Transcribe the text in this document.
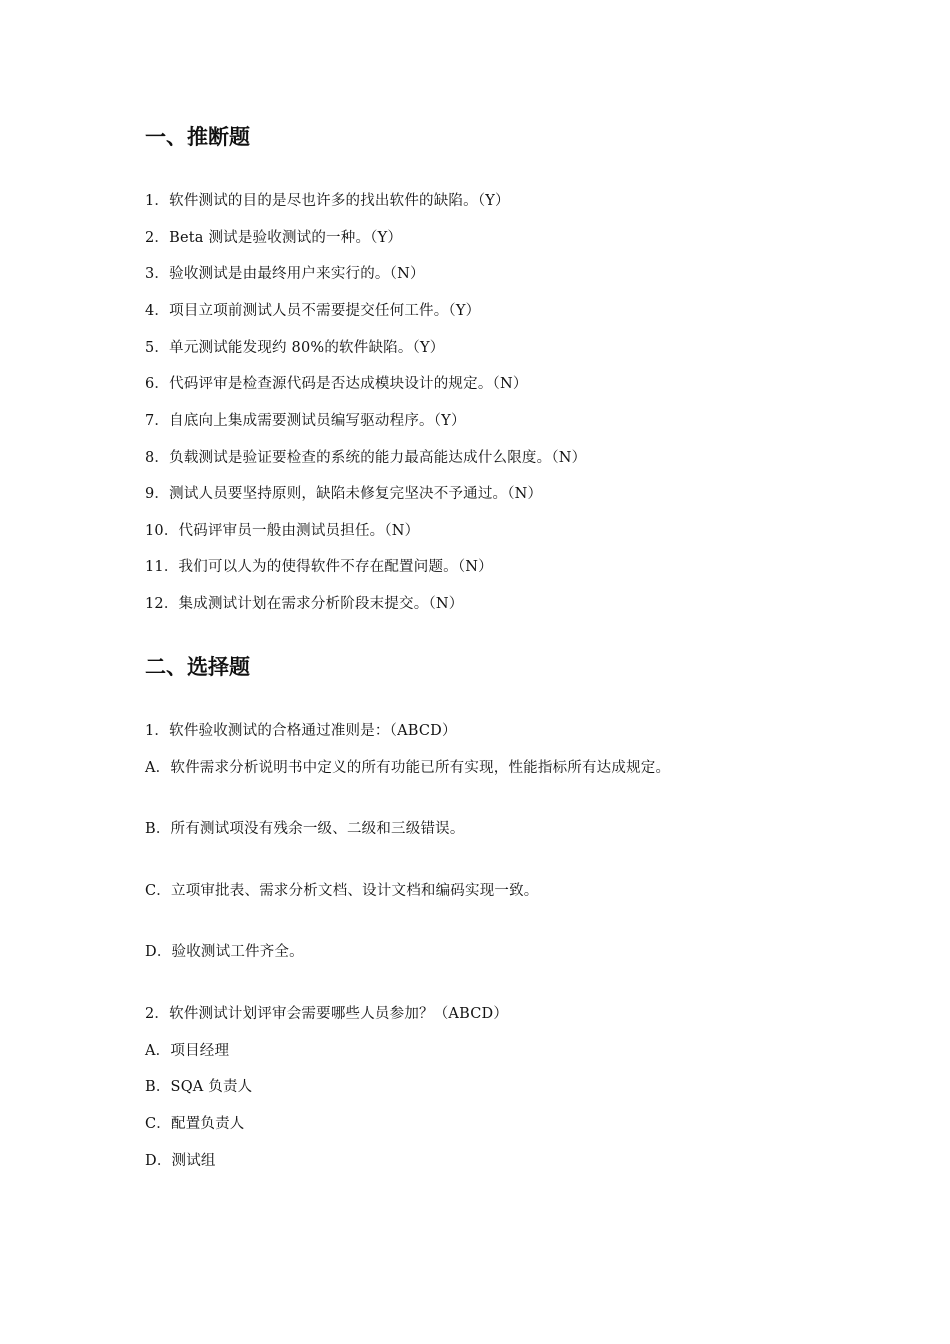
一、推断题
1．软件测试的目的是尽也许多的找出软件的缺陷。（Y）
2．Beta 测试是验收测试的一种。（Y）
3．验收测试是由最终用户来实行的。（N）
4．项目立项前测试人员不需要提交任何工件。（Y）
5．单元测试能发现约 80%的软件缺陷。（Y）
6．代码评审是检查源代码是否达成模块设计的规定。（N）
7．自底向上集成需要测试员编写驱动程序。（Y）
8．负载测试是验证要检查的系统的能力最高能达成什么限度。（N）
9．测试人员要坚持原则，缺陷未修复完坚决不予通过。（N）
10．代码评审员一般由测试员担任。（N）
11．我们可以人为的使得软件不存在配置问题。（N）
12．集成测试计划在需求分析阶段末提交。（N）
二、选择题
1．软件验收测试的合格通过准则是：（ABCD）
A．软件需求分析说明书中定义的所有功能已所有实现，性能指标所有达成规定。
B．所有测试项没有残余一级、二级和三级错误。
C．立项审批表、需求分析文档、设计文档和编码实现一致。
D．验收测试工件齐全。
2．软件测试计划评审会需要哪些人员参加？（ABCD）
A．项目经理
B．SQA 负责人
C．配置负责人
D．测试组
